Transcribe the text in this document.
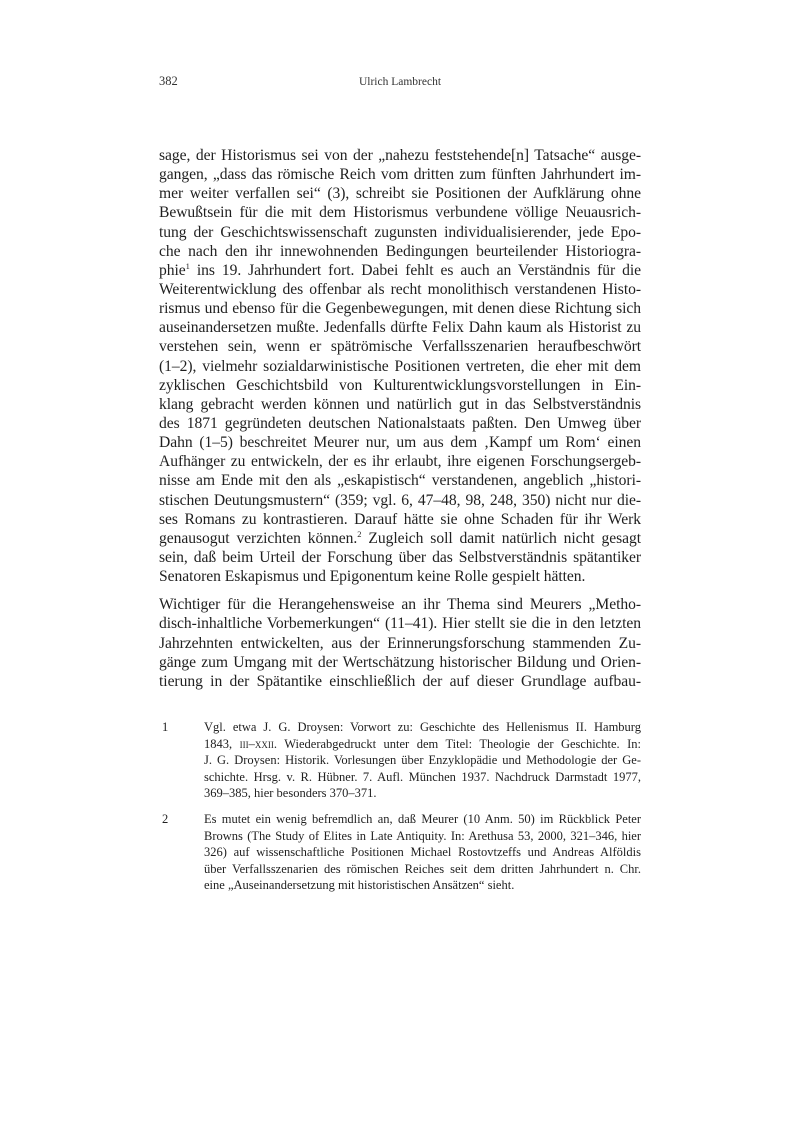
382	Ulrich Lambrecht
sage, der Historismus sei von der „nahezu feststehende[n] Tatsache“ ausge-
gangen, „dass das römische Reich vom dritten zum fünften Jahrhundert im-
mer weiter verfallen sei“ (3), schreibt sie Positionen der Aufklärung ohne
Bewußtsein für die mit dem Historismus verbundene völlige Neuausrich-
tung der Geschichtswissenschaft zugunsten individualisierender, jede Epo-
che nach den ihr innewohnenden Bedingungen beurteilender Historiogra-
phie$^1$ ins 19. Jahrhundert fort. Dabei fehlt es auch an Verständnis für die
Weiterentwicklung des offenbar als recht monolithisch verstandenen Histo-
rismus und ebenso für die Gegenbewegungen, mit denen diese Richtung sich
auseinandersetzen mußte. Jedenfalls dürfte Felix Dahn kaum als Historist zu
verstehen sein, wenn er spätrömische Verfallsszenarien heraufbeschwört
(1–2), vielmehr sozialdarwinistische Positionen vertreten, die eher mit dem
zyklischen Geschichtsbild von Kulturentwicklungsvorstellungen in Ein-
klang gebracht werden können und natürlich gut in das Selbstverständnis
des 1871 gegründeten deutschen Nationalstaats paßten. Den Umweg über
Dahn (1–5) beschreitet Meurer nur, um aus dem ‚Kampf um Rom‘ einen
Aufhänger zu entwickeln, der es ihr erlaubt, ihre eigenen Forschungsergeb-
nisse am Ende mit den als „eskapistisch“ verstandenen, angeblich „histori-
stischen Deutungsmustern“ (359; vgl. 6, 47–48, 98, 248, 350) nicht nur die-
ses Romans zu kontrastieren. Darauf hätte sie ohne Schaden für ihr Werk
genausogut verzichten können.$^2$ Zugleich soll damit natürlich nicht gesagt
sein, daß beim Urteil der Forschung über das Selbstverständnis spätantiker
Senatoren Eskapismus und Epigonentum keine Rolle gespielt hätten.
Wichtiger für die Herangehensweise an ihr Thema sind Meurers „Metho-
disch-inhaltliche Vorbemerkungen“ (11–41). Hier stellt sie die in den letzten
Jahrzehnten entwickelten, aus der Erinnerungsforschung stammenden Zu-
gänge zum Umgang mit der Wertschätzung historischer Bildung und Orien-
tierung in der Spätantike einschließlich der auf dieser Grundlage aufbau-
1	Vgl. etwa J. G. Droysen: Vorwort zu: Geschichte des Hellenismus II. Hamburg
1843, iii–xxii. Wiederabgedruckt unter dem Titel: Theologie der Geschichte. In:
J. G. Droysen: Historik. Vorlesungen über Enzyklopädie und Methodologie der Ge-
schichte. Hrsg. v. R. Hübner. 7. Aufl. München 1937. Nachdruck Darmstadt 1977,
369–385, hier besonders 370–371.
2	Es mutet ein wenig befremdlich an, daß Meurer (10 Anm. 50) im Rückblick Peter
Browns (The Study of Elites in Late Antiquity. In: Arethusa 53, 2000, 321–346, hier
326) auf wissenschaftliche Positionen Michael Rostovtzeffs und Andreas Alföldis
über Verfallsszenarien des römischen Reiches seit dem dritten Jahrhundert n. Chr.
eine „Auseinandersetzung mit historistischen Ansätzen“ sieht.
